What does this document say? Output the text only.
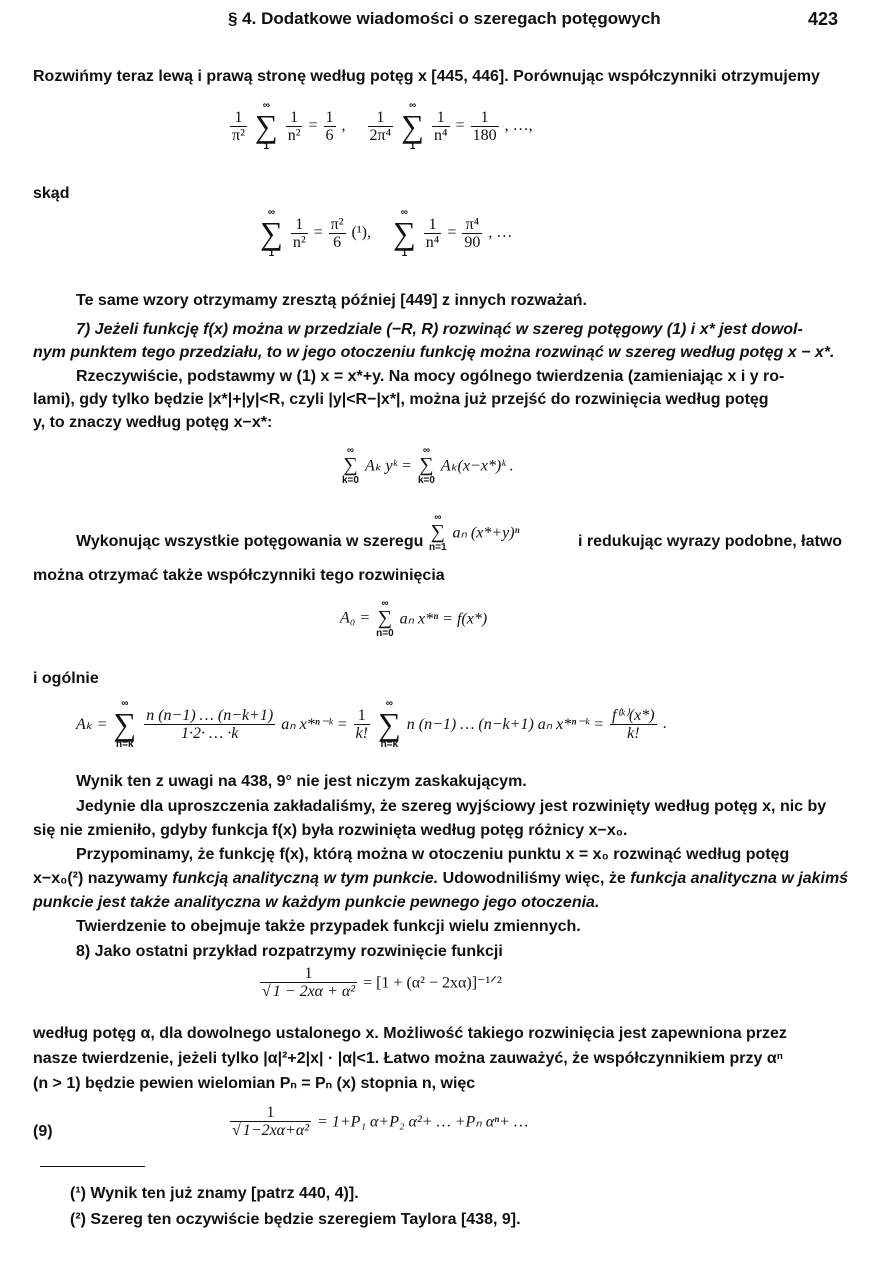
§ 4. Dodatkowe wiadomości o szeregach potęgowych	423
Rozwińmy teraz lewą i prawą stronę według potęg x [445, 446]. Porównując współczynniki otrzymujemy
$\frac{1}{\text{π²}}$

∞
∑
1

$\frac{1}{\text{n²}} = \frac{1}{6}$ , $\frac{1}{\text{2π⁴}}$

∞
∑
1

$\frac{1}{\text{n⁴}} = \frac{1}{180}$ , …,
skąd
∞
∑
1

$\frac{1}{\text{n²}} = \frac{\text{π²}}{6} (^1)$,
∞
∑
1

$\frac{1}{\text{n⁴}} = \frac{\text{π⁴}}{90}$ , …
Te same wzory otrzymamy zresztą później [449] z innych rozważań.
7) Jeżeli funkcję f(x) można w przedziale (−R, R) rozwinąć w szereg potęgowy (1) i x* jest dowol-
nym punktem tego przedziału, to w jego otoczeniu funkcję można rozwinąć w szereg według potęg x − x*.
Rzeczywiście, podstawmy w (1) x = x*+y. Na mocy ogólnego twierdzenia (zamieniając x i y ro-
lami), gdy tylko będzie |x*|+|y|<R, czyli |y|<R−|x*|, można już przejść do rozwinięcia według potęg
y, to znaczy według potęg x−x*:
∞
∑
k=0
Aₖ yᵏ =
∞
∑
k=0
Aₖ(x−x*)ᵏ .
Wykonując wszystkie potęgowania w szeregu
∞
∑
n=1
aₙ (x*+y)ⁿ	i redukując wyrazy podobne, łatwo
można otrzymać także współczynniki tego rozwinięcia
A₀ =
∞
∑
n=0
aₙ x*ⁿ = f(x*)
i ogólnie
Aₖ =
∞
∑
n=k

$\frac{n (n-1) \dots (n-k+1)}{1\cdot 2\cdot \dots \cdot k}$ aₙ x*ⁿ⁻ᵏ = $\frac{1}{k!}$

∞
∑
n=k
n (n−1) … (n−k+1) aₙ x*ⁿ⁻ᵏ = $\frac{\text{f⁽ᵏ⁾(x*)}}{k!}$ .
Wynik ten z uwagi na 438, 9° nie jest niczym zaskakującym.
Jedynie dla uproszczenia zakładaliśmy, że szereg wyjściowy jest rozwinięty według potęg x, nic by
się nie zmieniło, gdyby funkcja f(x) była rozwinięta według potęg różnicy x−x₀.
Przypominamy, że funkcję f(x), którą można w otoczeniu punktu x = x₀ rozwinąć według potęg
x−x₀(²) nazywamy funkcją analityczną w tym punkcie. Udowodniliśmy więc, że funkcja analityczna w jakimś
punkcie jest także analityczna w każdym punkcie pewnego jego otoczenia.
Twierdzenie to obejmuje także przypadek funkcji wielu zmiennych.
8) Jako ostatni przykład rozpatrzymy rozwinięcie funkcji
$\frac{1}{\text{√ 1 − 2xα + α²}} = [1 + (\alpha^2$ − 2xα)]⁻¹ᐟ²
według potęg α, dla dowolnego ustalonego x. Możliwość takiego rozwinięcia jest zapewniona przez
nasze twierdzenie, jeżeli tylko |α|²+2|x| · |α|<1. Łatwo można zauważyć, że współczynnikiem przy αⁿ
(n > 1) będzie pewien wielomian Pₙ = Pₙ (x) stopnia n, więc
(9)	$\frac{1}{\text{√ 1−2xα+α²}} = 1+P_1$ α+P₂ α²+ … +Pₙ αⁿ+ …
(¹) Wynik ten już znamy [patrz 440, 4)].
(²) Szereg ten oczywiście będzie szeregiem Taylora [438, 9].
